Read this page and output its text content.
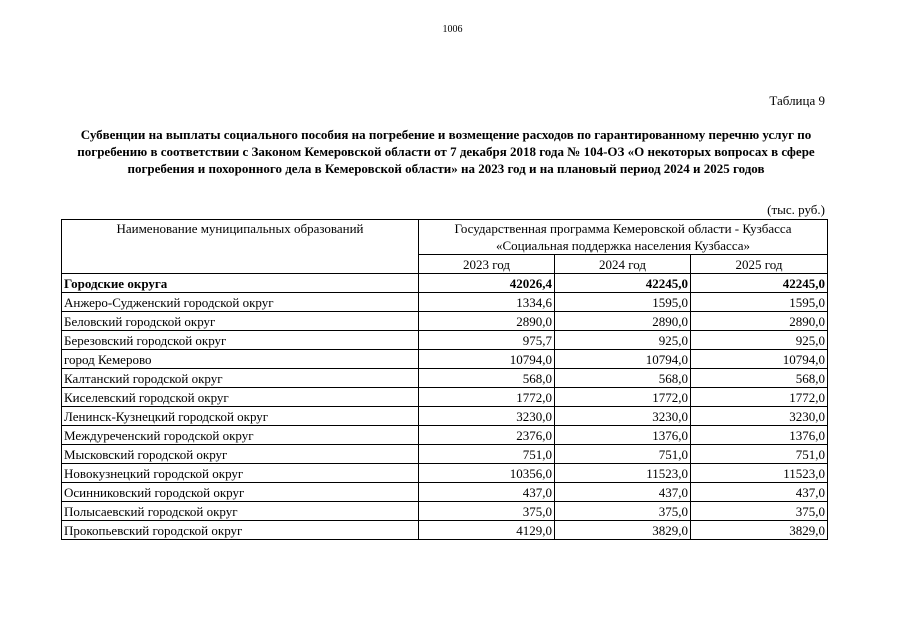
1006
Таблица 9
Субвенции на выплаты социального пособия на погребение и возмещение расходов по гарантированному перечню услуг по погребению в соответствии с Законом Кемеровской области от 7 декабря 2018 года № 104-ОЗ «О некоторых вопросах в сфере погребения и похоронного дела в Кемеровской области» на 2023 год и на плановый период 2024 и 2025 годов
(тыс. руб.)
Наименование муниципальных образований	Государственная программа Кемеровской области - Кузбасса
«Социальная поддержка населения Кузбасса»		

	2023 год	2024 год	2025 год
Городские округа	42026,4	42245,0	42245,0
Анжеро-Судженский городской округ	1334,6	1595,0	1595,0
Беловский городской округ	2890,0	2890,0	2890,0
Березовский городской округ	975,7	925,0	925,0
город Кемерово	10794,0	10794,0	10794,0
Калтанский городской округ	568,0	568,0	568,0
Киселевский городской округ	1772,0	1772,0	1772,0
Ленинск-Кузнецкий городской округ	3230,0	3230,0	3230,0
Междуреченский городской округ	2376,0	1376,0	1376,0
Мысковский городской округ	751,0	751,0	751,0
Новокузнецкий городской округ	10356,0	11523,0	11523,0
Осинниковский городской округ	437,0	437,0	437,0
Полысаевский городской округ	375,0	375,0	375,0
Прокопьевский городской округ	4129,0	3829,0	3829,0
